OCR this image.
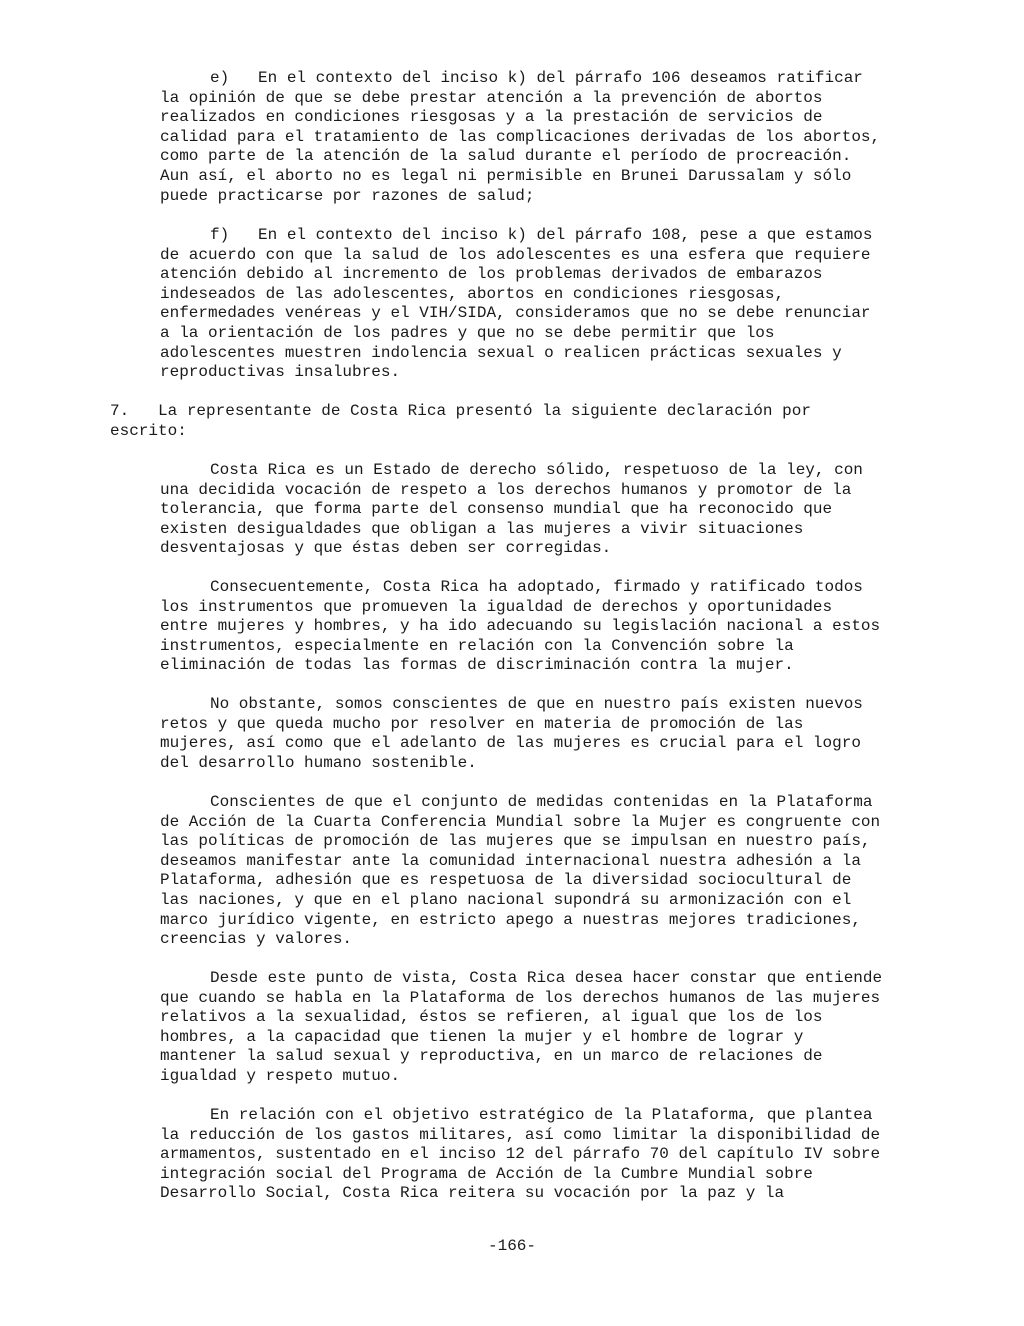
e)   En el contexto del inciso k) del párrafo 106 deseamos ratificar
la opinión de que se debe prestar atención a la prevención de abortos
realizados en condiciones riesgosas y a la prestación de servicios de
calidad para el tratamiento de las complicaciones derivadas de los abortos,
como parte de la atención de la salud durante el período de procreación.
Aun así, el aborto no es legal ni permisible en Brunei Darussalam y sólo
puede practicarse por razones de salud;
f)   En el contexto del inciso k) del párrafo 108, pese a que estamos
de acuerdo con que la salud de los adolescentes es una esfera que requiere
atención debido al incremento de los problemas derivados de embarazos
indeseados de las adolescentes, abortos en condiciones riesgosas,
enfermedades venéreas y el VIH/SIDA, consideramos que no se debe renunciar
a la orientación de los padres y que no se debe permitir que los
adolescentes muestren indolencia sexual o realicen prácticas sexuales y
reproductivas insalubres.
7.   La representante de Costa Rica presentó la siguiente declaración por
escrito:
Costa Rica es un Estado de derecho sólido, respetuoso de la ley, con
una decidida vocación de respeto a los derechos humanos y promotor de la
tolerancia, que forma parte del consenso mundial que ha reconocido que
existen desigualdades que obligan a las mujeres a vivir situaciones
desventajosas y que éstas deben ser corregidas.
Consecuentemente, Costa Rica ha adoptado, firmado y ratificado todos
los instrumentos que promueven la igualdad de derechos y oportunidades
entre mujeres y hombres, y ha ido adecuando su legislación nacional a estos
instrumentos, especialmente en relación con la Convención sobre la
eliminación de todas las formas de discriminación contra la mujer.
No obstante, somos conscientes de que en nuestro país existen nuevos
retos y que queda mucho por resolver en materia de promoción de las
mujeres, así como que el adelanto de las mujeres es crucial para el logro
del desarrollo humano sostenible.
Conscientes de que el conjunto de medidas contenidas en la Plataforma
de Acción de la Cuarta Conferencia Mundial sobre la Mujer es congruente con
las políticas de promoción de las mujeres que se impulsan en nuestro país,
deseamos manifestar ante la comunidad internacional nuestra adhesión a la
Plataforma, adhesión que es respetuosa de la diversidad sociocultural de
las naciones, y que en el plano nacional supondrá su armonización con el
marco jurídico vigente, en estricto apego a nuestras mejores tradiciones,
creencias y valores.
Desde este punto de vista, Costa Rica desea hacer constar que entiende
que cuando se habla en la Plataforma de los derechos humanos de las mujeres
relativos a la sexualidad, éstos se refieren, al igual que los de los
hombres, a la capacidad que tienen la mujer y el hombre de lograr y
mantener la salud sexual y reproductiva, en un marco de relaciones de
igualdad y respeto mutuo.
En relación con el objetivo estratégico de la Plataforma, que plantea
la reducción de los gastos militares, así como limitar la disponibilidad de
armamentos, sustentado en el inciso 12 del párrafo 70 del capítulo IV sobre
integración social del Programa de Acción de la Cumbre Mundial sobre
Desarrollo Social, Costa Rica reitera su vocación por la paz y la
-166-
